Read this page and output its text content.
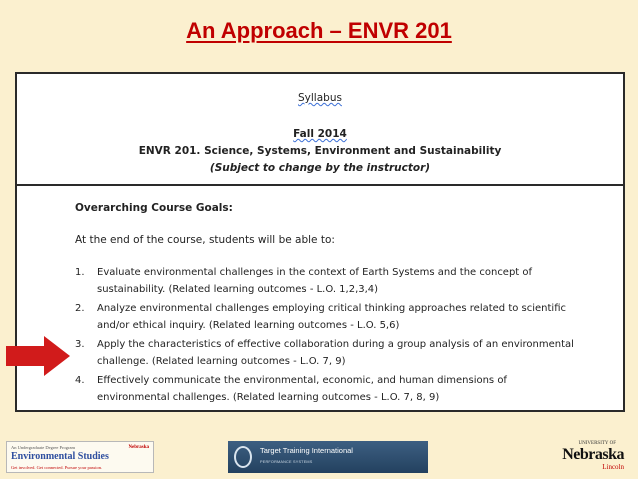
An Approach – ENVR 201
Syllabus
Fall 2014
ENVR 201. Science, Systems, Environment and Sustainability
(Subject to change by the instructor)
Overarching Course Goals:
At the end of the course, students will be able to:
1. Evaluate environmental challenges in the context of Earth Systems and the concept of sustainability. (Related learning outcomes - L.O. 1,2,3,4)
2. Analyze environmental challenges employing critical thinking approaches related to scientific and/or ethical inquiry. (Related learning outcomes - L.O. 5,6)
3. Apply the characteristics of effective collaboration during a group analysis of an environmental challenge. (Related learning outcomes - L.O. 7, 9)
4. Effectively communicate the environmental, economic, and human dimensions of environmental challenges. (Related learning outcomes - L.O. 7, 8, 9)
An Undergraduate Degree Program	Nebraska
Environmental Studies
Get involved. Get connected. Pursue your passion.
Target Training International
PERFORMANCE SYSTEMS
UNIVERSITY OF
Nebraska
Lincoln
